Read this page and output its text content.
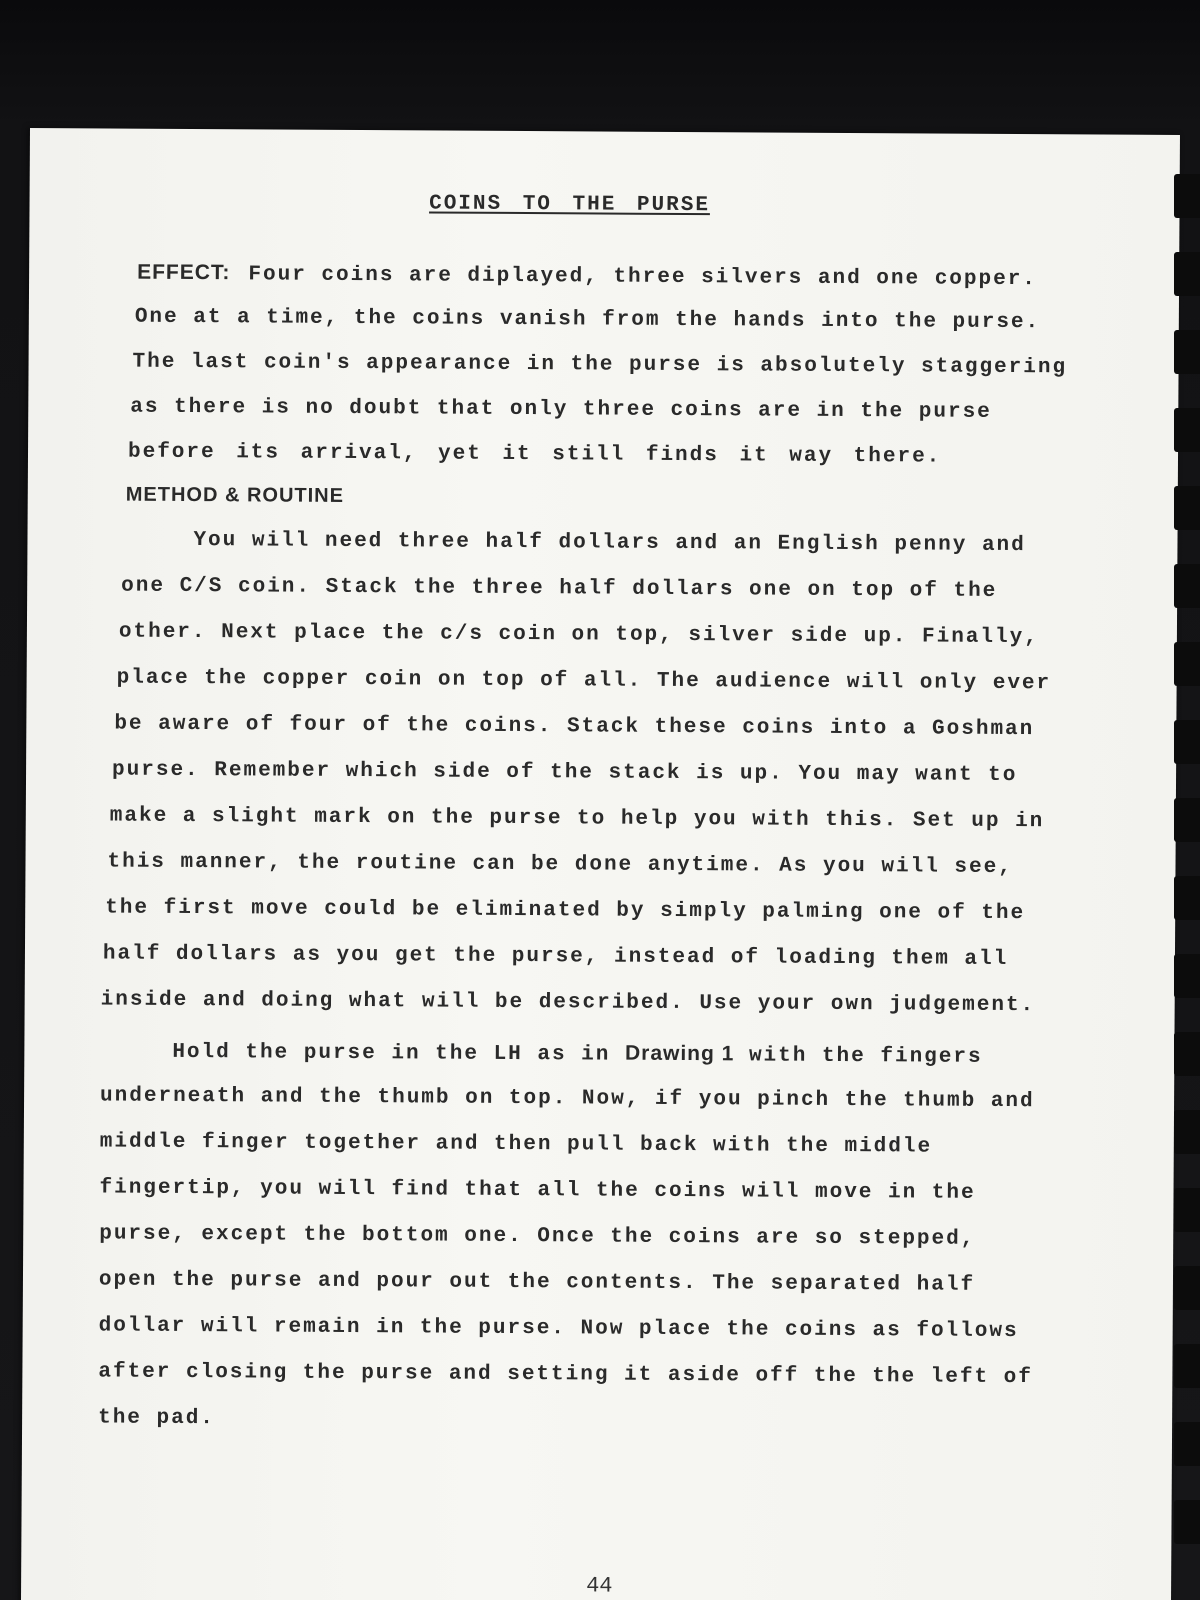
COINS TO THE PURSE
EFFECT: Four coins are diplayed, three silvers and one copper.
One at a time, the coins vanish from the hands into the purse.
The last coin's appearance in the purse is absolutely staggering
as there is no doubt that only three coins are in the purse
before its arrival, yet it still finds it way there.
METHOD & ROUTINE
You will need three half dollars and an English penny and
one C/S coin. Stack the three half dollars one on top of the
other. Next place the c/s coin on top, silver side up. Finally,
place the copper coin on top of all. The audience will only ever
be aware of four of the coins. Stack these coins into a Goshman
purse. Remember which side of the stack is up. You may want to
make a slight mark on the purse to help you with this. Set up in
this manner, the routine can be done anytime. As you will see,
the first move could be eliminated by simply palming one of the
half dollars as you get the purse, instead of loading them all
inside and doing what will be described. Use your own judgement.
Hold the purse in the LH as in Drawing 1 with the fingers
underneath and the thumb on top. Now, if you pinch the thumb and
middle finger together and then pull back with the middle
fingertip, you will find that all the coins will move in the
purse, except the bottom one. Once the coins are so stepped,
open the purse and pour out the contents. The separated half
dollar will remain in the purse. Now place the coins as follows
after closing the purse and setting it aside off the the left of
the pad.
44
